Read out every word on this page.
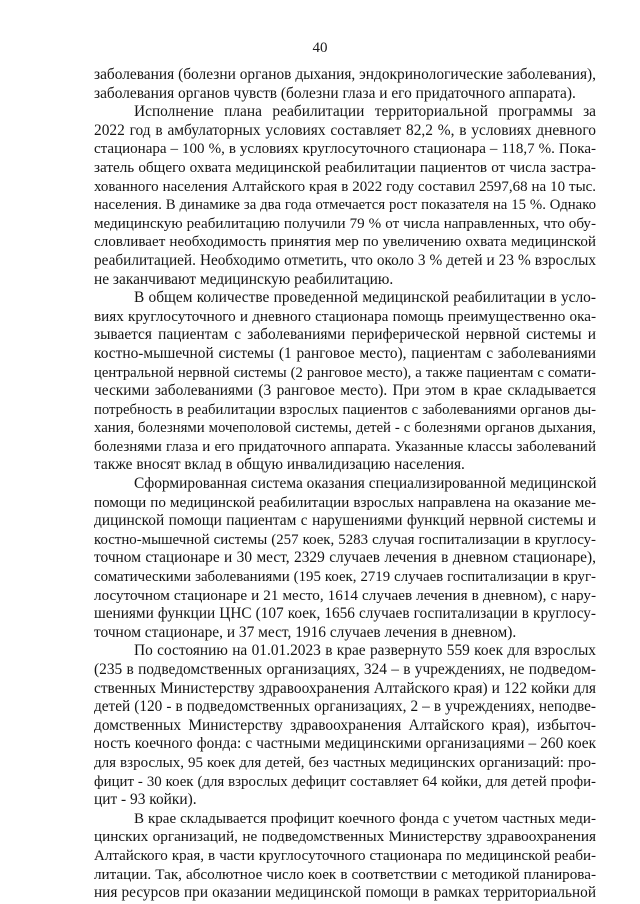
40
заболевания (болезни органов дыхания, эндокринологические заболевания),
заболевания органов чувств (болезни глаза и его придаточного аппарата).
Исполнение плана реабилитации территориальной программы за
2022 год в амбулаторных условиях составляет 82,2 %, в условиях дневного
стационара – 100 %, в условиях круглосуточного стационара – 118,7 %. Пока-
затель общего охвата медицинской реабилитации пациентов от числа застра-
хованного населения Алтайского края в 2022 году составил 2597,68 на 10 тыс.
населения. В динамике за два года отмечается рост показателя на 15 %. Однако
медицинскую реабилитацию получили 79 % от числа направленных, что обу-
словливает необходимость принятия мер по увеличению охвата медицинской
реабилитацией. Необходимо отметить, что около 3 % детей и 23 % взрослых
не заканчивают медицинскую реабилитацию.
В общем количестве проведенной медицинской реабилитации в усло-
виях круглосуточного и дневного стационара помощь преимущественно ока-
зывается пациентам с заболеваниями периферической нервной системы и
костно-мышечной системы (1 ранговое место), пациентам с заболеваниями
центральной нервной системы (2 ранговое место), а также пациентам с сомати-
ческими заболеваниями (3 ранговое место). При этом в крае складывается
потребность в реабилитации взрослых пациентов с заболеваниями органов ды-
хания, болезнями мочеполовой системы, детей - с болезнями органов дыхания,
болезнями глаза и его придаточного аппарата. Указанные классы заболеваний
также вносят вклад в общую инвалидизацию населения.
Сформированная система оказания специализированной медицинской
помощи по медицинской реабилитации взрослых направлена на оказание ме-
дицинской помощи пациентам с нарушениями функций нервной системы и
костно-мышечной системы (257 коек, 5283 случая госпитализации в круглосу-
точном стационаре и 30 мест, 2329 случаев лечения в дневном стационаре),
соматическими заболеваниями (195 коек, 2719 случаев госпитализации в круг-
лосуточном стационаре и 21 место, 1614 случаев лечения в дневном), с нару-
шениями функции ЦНС (107 коек, 1656 случаев госпитализации в круглосу-
точном стационаре, и 37 мест, 1916 случаев лечения в дневном).
По состоянию на 01.01.2023 в крае развернуто 559 коек для взрослых
(235 в подведомственных организациях, 324 – в учреждениях, не подведом-
ственных Министерству здравоохранения Алтайского края) и 122 койки для
детей (120 - в подведомственных организациях, 2 – в учреждениях, неподве-
домственных Министерству здравоохранения Алтайского края), избыточ-
ность коечного фонда: с частными медицинскими организациями – 260 коек
для взрослых, 95 коек для детей, без частных медицинских организаций: про-
фицит - 30 коек (для взрослых дефицит составляет 64 койки, для детей профи-
цит - 93 койки).
В крае складывается профицит коечного фонда с учетом частных меди-
цинских организаций, не подведомственных Министерству здравоохранения
Алтайского края, в части круглосуточного стационара по медицинской реаби-
литации. Так, абсолютное число коек в соответствии с методикой планирова-
ния ресурсов при оказании медицинской помощи в рамках территориальной
